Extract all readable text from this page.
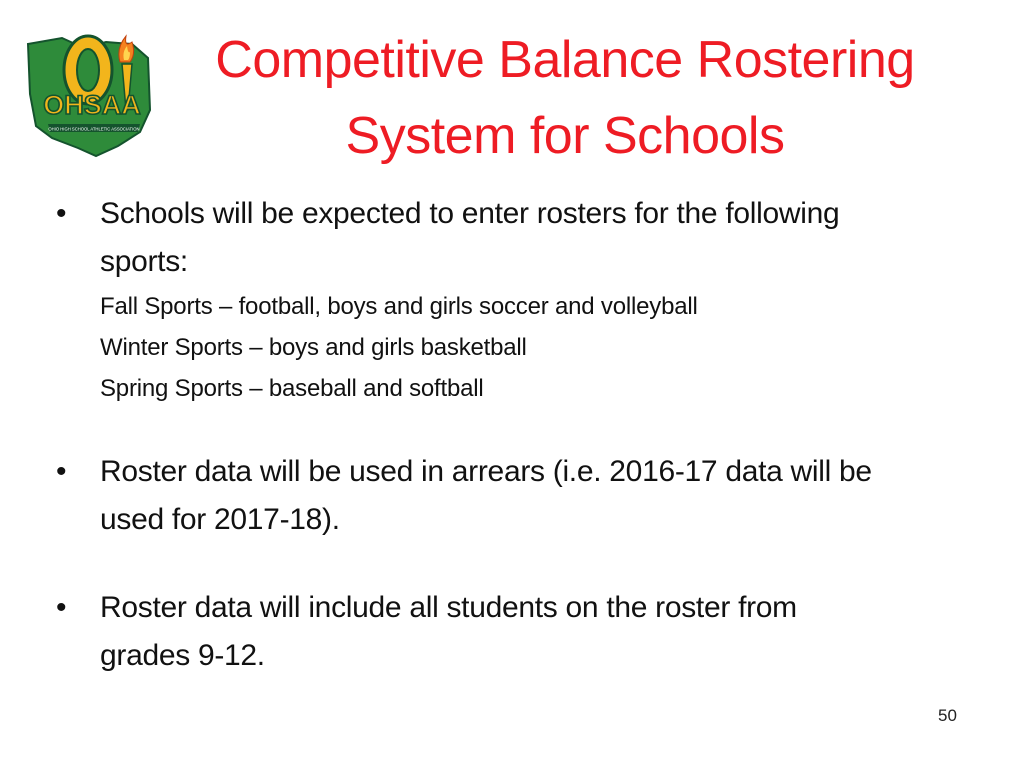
OHSAA
OHIO HIGH SCHOOL ATHLETIC ASSOCIATION
Competitive Balance Rostering
System for Schools
• Schools will be expected to enter rosters for the following
sports:
Fall Sports – football, boys and girls soccer and volleyball
Winter Sports – boys and girls basketball
Spring Sports – baseball and softball
• Roster data will be used in arrears (i.e. 2016-17 data will be
used for 2017-18).
• Roster data will include all students on the roster from
grades 9-12.
50
